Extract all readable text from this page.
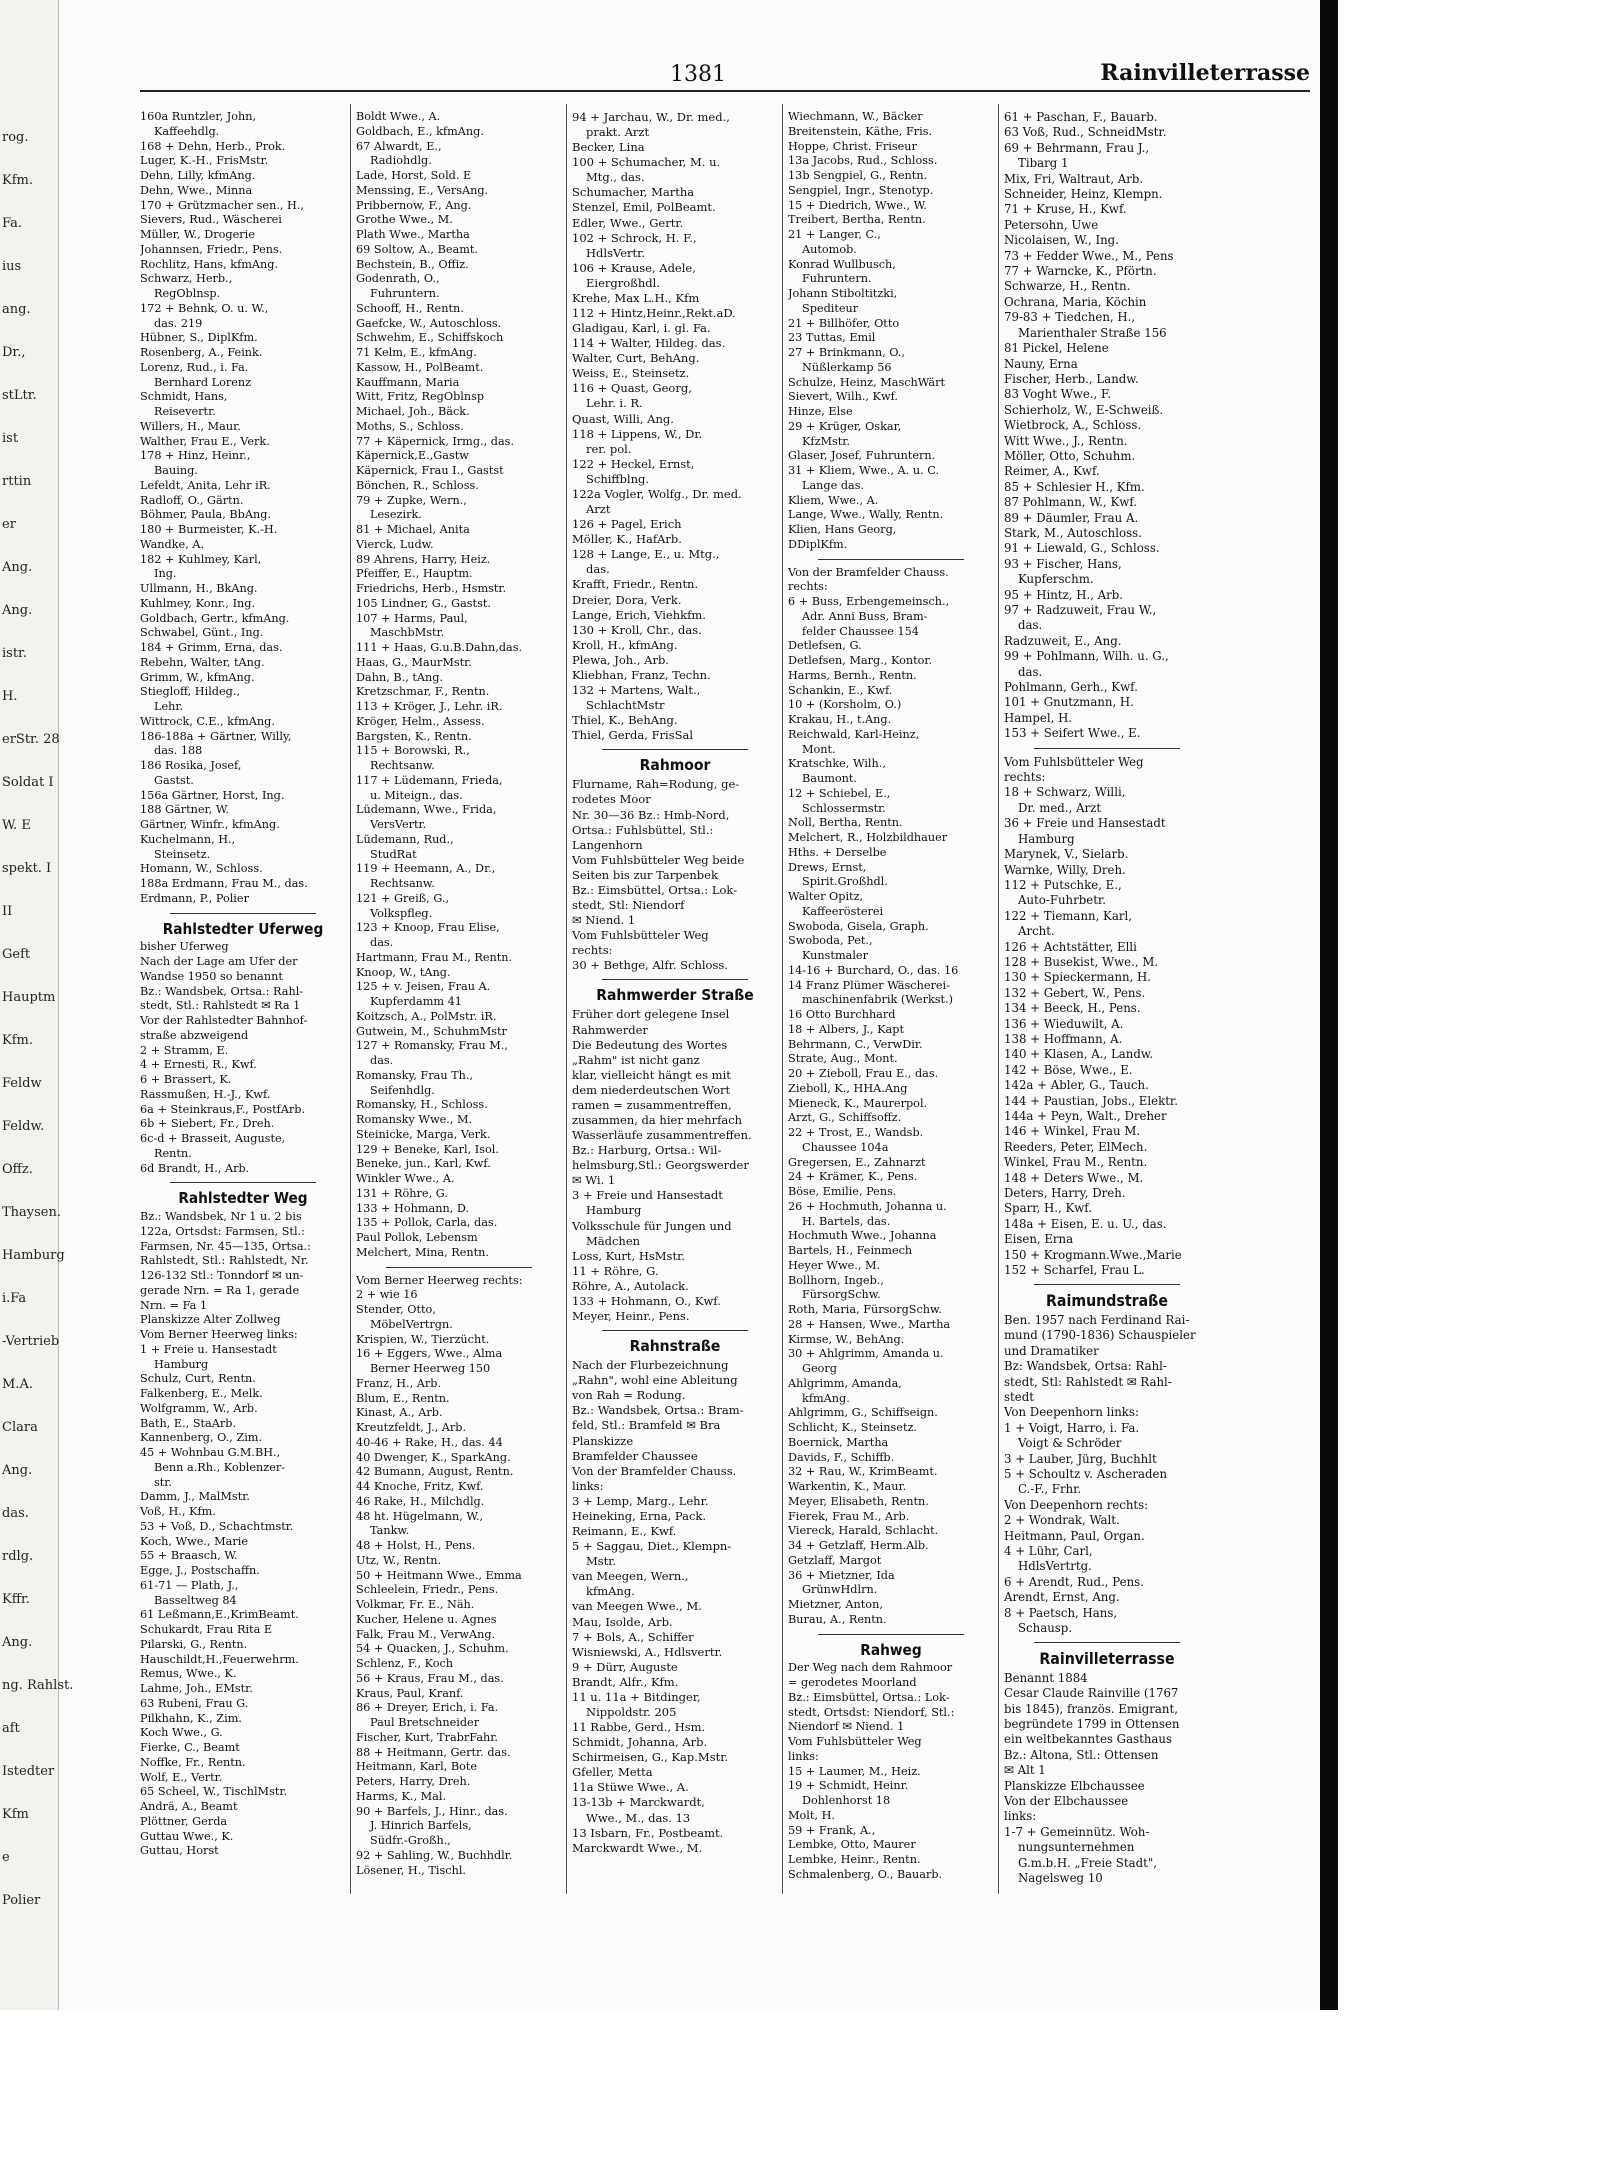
rog.
Kfm.
Fa.
ius
ang.
Dr.,
stLtr.
ist
rttin
er
Ang.
Ang.
istr.
H.
erStr. 28
Soldat I
W. E
spekt. I
II
Geft
Hauptm
Kfm.
Feldw
Feldw.
Offz.
Thaysen.
Hamburg
i.Fa
-Vertrieb
M.A.
Clara
Ang.
das.
rdlg.
Kffr.
Ang.
ng. Rahlst.
aft
Istedter
Kfm
e
Polier
1381	Rainvilleterrasse
160a Runtzler, John,
Kaffeehdlg.
168 + Dehn, Herb., Prok.
Luger, K.-H., FrisMstr.
Dehn, Lilly, kfmAng.
Dehn, Wwe., Minna
170 + Grützmacher sen., H.,
Sievers, Rud., Wäscherei
Müller, W., Drogerie
Johannsen, Friedr., Pens.
Rochlitz, Hans, kfmAng.
Schwarz, Herb.,
RegOblnsp.
172 + Behnk, O. u. W.,
das. 219
Hübner, S., DiplKfm.
Rosenberg, A., Feink.
Lorenz, Rud., i. Fa.
Bernhard Lorenz
Schmidt, Hans,
Reisevertr.
Willers, H., Maur.
Walther, Frau E., Verk.
178 + Hinz, Heinr.,
Bauing.
Lefeldt, Anita, Lehr iR.
Radloff, O., Gärtn.
Böhmer, Paula, BbAng.
180 + Burmeister, K.-H.
Wandke, A.
182 + Kuhlmey, Karl,
Ing.
Ullmann, H., BkAng.
Kuhlmey, Konr., Ing.
Goldbach, Gertr., kfmAng.
Schwabel, Günt., Ing.
184 + Grimm, Erna, das.
Rebehn, Walter, tAng.
Grimm, W., kfmAng.
Stiegloff, Hildeg.,
Lehr.
Wittrock, C.E., kfmAng.
186-188a + Gärtner, Willy,
das. 188
186 Rosika, Josef,
Gastst.
156a Gärtner, Horst, Ing.
188 Gärtner, W.
Gärtner, Winfr., kfmAng.
Kuchelmann, H.,
Steinsetz.
Homann, W., Schloss.
188a Erdmann, Frau M., das.
Erdmann, P., Polier
Rahlstedter Uferweg
bisher Uferweg
Nach der Lage am Ufer der
Wandse 1950 so benannt
Bz.: Wandsbek, Ortsa.: Rahl-
stedt, Stl.: Rahlstedt ✉ Ra 1
Vor der Rahlstedter Bahnhof-
straße abzweigend
2 + Stramm, E.
4 + Ernesti, R., Kwf.
6 + Brassert, K.
Rassmußen, H.-J., Kwf.
6a + Steinkraus,F., PostfArb.
6b + Siebert, Fr., Dreh.
6c-d + Brasseit, Auguste,
Rentn.
6d Brandt, H., Arb.
Rahlstedter Weg
Bz.: Wandsbek, Nr 1 u. 2 bis
122a, Ortsdst: Farmsen, Stl.:
Farmsen, Nr. 45—135, Ortsa.:
Rahlstedt, Stl.: Rahlstedt, Nr.
126-132 Stl.: Tonndorf ✉ un-
gerade Nrn. = Ra 1, gerade
Nrn. = Fa 1
Planskizze Alter Zollweg
Vom Berner Heerweg links:
1 + Freie u. Hansestadt
Hamburg
Schulz, Curt, Rentn.
Falkenberg, E., Melk.
Wolfgramm, W., Arb.
Bath, E., StaArb.
Kannenberg, O., Zim.
45 + Wohnbau G.M.BH.,
Benn a.Rh., Koblenzer-
str.
Damm, J., MalMstr.
Voß, H., Kfm.
53 + Voß, D., Schachtmstr.
Koch, Wwe., Marie
55 + Braasch, W.
Egge, J., Postschaffn.
61-71 — Plath, J.,
Basseltweg 84
61 Leßmann,E.,KrimBeamt.
Schukardt, Frau Rita E
Pilarski, G., Rentn.
Hauschildt,H.,Feuerwehrm.
Remus, Wwe., K.
Lahme, Joh., EMstr.
63 Rubeni, Frau G.
Pilkhahn, K., Zim.
Koch Wwe., G.
Fierke, C., Beamt
Noffke, Fr., Rentn.
Wolf, E., Vertr.
65 Scheel, W., TischlMstr.
Andrä, A., Beamt
Plöttner, Gerda
Guttau Wwe., K.
Guttau, Horst
Boldt Wwe., A.
Goldbach, E., kfmAng.
67 Alwardt, E.,
Radiohdlg.
Lade, Horst, Sold. E
Menssing, E., VersAng.
Pribbernow, F., Ang.
Grothe Wwe., M.
Plath Wwe., Martha
69 Soltow, A., Beamt.
Bechstein, B., Offiz.
Godenrath, O.,
Fuhruntern.
Schooff, H., Rentn.
Gaefcke, W., Autoschloss.
Schwehm, E., Schiffskoch
71 Kelm, E., kfmAng.
Kassow, H., PolBeamt.
Kauffmann, Maria
Witt, Fritz, RegOblnsp
Michael, Joh., Bäck.
Moths, S., Schloss.
77 + Käpernick, Irmg., das.
Käpernick,E.,Gastw
Käpernick, Frau I., Gastst
Bönchen, R., Schloss.
79 + Zupke, Wern.,
Lesezirk.
81 + Michael, Anita
Vierck, Ludw.
89 Ahrens, Harry, Heiz.
Pfeiffer, E., Hauptm.
Friedrichs, Herb., Hsmstr.
105 Lindner, G., Gastst.
107 + Harms, Paul,
MaschbMstr.
111 + Haas, G.u.B.Dahn,das.
Haas, G., MaurMstr.
Dahn, B., tAng.
Kretzschmar, F., Rentn.
113 + Kröger, J., Lehr. iR.
Kröger, Helm., Assess.
Bargsten, K., Rentn.
115 + Borowski, R.,
Rechtsanw.
117 + Lüdemann, Frieda,
u. Miteign., das.
Lüdemann, Wwe., Frida,
VersVertr.
Lüdemann, Rud.,
StudRat
119 + Heemann, A., Dr.,
Rechtsanw.
121 + Greiß, G.,
Volkspfleg.
123 + Knoop, Frau Elise,
das.
Hartmann, Frau M., Rentn.
Knoop, W., tAng.
125 + v. Jeisen, Frau A.
Kupferdamm 41
Koitzsch, A., PolMstr. iR.
Gutwein, M., SchuhmMstr
127 + Romansky, Frau M.,
das.
Romansky, Frau Th.,
Seifenhdlg.
Romansky, H., Schloss.
Romansky Wwe., M.
Steinicke, Marga, Verk.
129 + Beneke, Karl, Isol.
Beneke, jun., Karl, Kwf.
Winkler Wwe., A.
131 + Röhre, G.
133 + Hohmann, D.
135 + Pollok, Carla, das.
Paul Pollok, Lebensm
Melchert, Mina, Rentn.
Vom Berner Heerweg rechts:
2 + wie 16
Stender, Otto,
MöbelVertrgn.
Krispien, W., Tierzücht.
16 + Eggers, Wwe., Alma
Berner Heerweg 150
Franz, H., Arb.
Blum, E., Rentn.
Kinast, A., Arb.
Kreutzfeldt, J., Arb.
40-46 + Rake, H., das. 44
40 Dwenger, K., SparkAng.
42 Bumann, August, Rentn.
44 Knoche, Fritz, Kwf.
46 Rake, H., Milchdlg.
48 ht. Hügelmann, W.,
Tankw.
48 + Holst, H., Pens.
Utz, W., Rentn.
50 + Heitmann Wwe., Emma
Schleelein, Friedr., Pens.
Volkmar, Fr. E., Näh.
Kucher, Helene u. Agnes
Falk, Frau M., VerwAng.
54 + Quacken, J., Schuhm.
Schlenz, F., Koch
56 + Kraus, Frau M., das.
Kraus, Paul, Kranf.
86 + Dreyer, Erich, i. Fa.
Paul Bretschneider
Fischer, Kurt, TrabrFahr.
88 + Heitmann, Gertr. das.
Heitmann, Karl, Bote
Peters, Harry, Dreh.
Harms, K., Mal.
90 + Barfels, J., Hinr., das.
J. Hinrich Barfels,
Südfr.-Großh.,
92 + Sahling, W., Buchhdlr.
Lösener, H., Tischl.
94 + Jarchau, W., Dr. med.,
prakt. Arzt
Becker, Lina
100 + Schumacher, M. u.
Mtg., das.
Schumacher, Martha
Stenzel, Emil, PolBeamt.
Edler, Wwe., Gertr.
102 + Schrock, H. F.,
HdlsVertr.
106 + Krause, Adele,
Eiergroßhdl.
Krehe, Max L.H., Kfm
112 + Hintz,Heinr.,Rekt.aD.
Gladigau, Karl, i. gl. Fa.
114 + Walter, Hildeg. das.
Walter, Curt, BehAng.
Weiss, E., Steinsetz.
116 + Quast, Georg,
Lehr. i. R.
Quast, Willi, Ang.
118 + Lippens, W., Dr.
rer. pol.
122 + Heckel, Ernst,
Schiffblng.
122a Vogler, Wolfg., Dr. med.
Arzt
126 + Pagel, Erich
Möller, K., HafArb.
128 + Lange, E., u. Mtg.,
das.
Krafft, Friedr., Rentn.
Dreier, Dora, Verk.
Lange, Erich, Viehkfm.
130 + Kroll, Chr., das.
Kroll, H., kfmAng.
Plewa, Joh., Arb.
Kliebhan, Franz, Techn.
132 + Martens, Walt.,
SchlachtMstr
Thiel, K., BehAng.
Thiel, Gerda, FrisSal
Rahmoor
Flurname, Rah=Rodung, ge-
rodetes Moor
Nr. 30—36 Bz.: Hmb-Nord,
Ortsa.: Fuhlsbüttel, Stl.:
Langenhorn
Vom Fuhlsbütteler Weg beide
Seiten bis zur Tarpenbek
Bz.: Eimsbüttel, Ortsa.: Lok-
stedt, Stl: Niendorf
✉ Niend. 1
Vom Fuhlsbütteler Weg
rechts:
30 + Bethge, Alfr. Schloss.
Rahmwerder Straße
Früher dort gelegene Insel
Rahmwerder
Die Bedeutung des Wortes
„Rahm" ist nicht ganz
klar, vielleicht hängt es mit
dem niederdeutschen Wort
ramen = zusammentreffen,
zusammen, da hier mehrfach
Wasserläufe zusammentreffen.
Bz.: Harburg, Ortsa.: Wil-
helmsburg,Stl.: Georgswerder
✉ Wi. 1
3 + Freie und Hansestadt
Hamburg
Volksschule für Jungen und
Mädchen
Loss, Kurt, HsMstr.
11 + Röhre, G.
Röhre, A., Autolack.
133 + Hohmann, O., Kwf.
Meyer, Heinr., Pens.
Rahnstraße
Nach der Flurbezeichnung
„Rahn", wohl eine Ableitung
von Rah = Rodung.
Bz.: Wandsbek, Ortsa.: Bram-
feld, Stl.: Bramfeld ✉ Bra
Planskizze
Bramfelder Chaussee
Von der Bramfelder Chauss.
links:
3 + Lemp, Marg., Lehr.
Heineking, Erna, Pack.
Reimann, E., Kwf.
5 + Saggau, Diet., Klempn-
Mstr.
van Meegen, Wern.,
kfmAng.
van Meegen Wwe., M.
Mau, Isolde, Arb.
7 + Bols, A., Schiffer
Wisniewski, A., Hdlsvertr.
9 + Dürr, Auguste
Brandt, Alfr., Kfm.
11 u. 11a + Bitdinger,
Nippoldstr. 205
11 Rabbe, Gerd., Hsm.
Schmidt, Johanna, Arb.
Schirmeisen, G., Kap.Mstr.
Gfeller, Metta
11a Stüwe Wwe., A.
13-13b + Marckwardt,
Wwe., M., das. 13
13 Isbarn, Fr., Postbeamt.
Marckwardt Wwe., M.
Wiechmann, W., Bäcker
Breitenstein, Käthe, Fris.
Hoppe, Christ. Friseur
13a Jacobs, Rud., Schloss.
13b Sengpiel, G., Rentn.
Sengpiel, Ingr., Stenotyp.
15 + Diedrich, Wwe., W.
Treibert, Bertha, Rentn.
21 + Langer, C.,
Automob.
Konrad Wullbusch,
Fuhruntern.
Johann Stiboltitzki,
Spediteur
21 + Billhöfer, Otto
23 Tuttas, Emil
27 + Brinkmann, O.,
Nüßlerkamp 56
Schulze, Heinz, MaschWärt
Sievert, Wilh., Kwf.
Hinze, Else
29 + Krüger, Oskar,
KfzMstr.
Glaser, Josef, Fuhruntern.
31 + Kliem, Wwe., A. u. C.
Lange das.
Kliem, Wwe., A.
Lange, Wwe., Wally, Rentn.
Klien, Hans Georg,
DDiplKfm.
Von der Bramfelder Chauss.
rechts:
6 + Buss, Erbengemeinsch.,
Adr. Anni Buss, Bram-
felder Chaussee 154
Detlefsen, G.
Detlefsen, Marg., Kontor.
Harms, Bernh., Rentn.
Schankin, E., Kwf.
10 + (Korsholm, O.)
Krakau, H., t.Ang.
Reichwald, Karl-Heinz,
Mont.
Kratschke, Wilh.,
Baumont.
12 + Schiebel, E.,
Schlossermstr.
Noll, Bertha, Rentn.
Melchert, R., Holzbildhauer
Hths. + Derselbe
Drews, Ernst,
Spirit.Großhdl.
Walter Opitz,
Kaffeerösterei
Swoboda, Gisela, Graph.
Swoboda, Pet.,
Kunstmaler
14-16 + Burchard, O., das. 16
14 Franz Plümer Wäscherei-
maschinenfabrik (Werkst.)
16 Otto Burchhard
18 + Albers, J., Kapt
Behrmann, C., VerwDir.
Strate, Aug., Mont.
20 + Zieboll, Frau E., das.
Zieboll, K., HHA.Ang
Mieneck, K., Maurerpol.
Arzt, G., Schiffsoffz.
22 + Trost, E., Wandsb.
Chaussee 104a
Gregersen, E., Zahnarzt
24 + Krämer, K., Pens.
Böse, Emilie, Pens.
26 + Hochmuth, Johanna u.
H. Bartels, das.
Hochmuth Wwe., Johanna
Bartels, H., Feinmech
Heyer Wwe., M.
Bollhorn, Ingeb.,
FürsorgSchw.
Roth, Maria, FürsorgSchw.
28 + Hansen, Wwe., Martha
Kirmse, W., BehAng.
30 + Ahlgrimm, Amanda u.
Georg
Ahlgrimm, Amanda,
kfmAng.
Ahlgrimm, G., Schiffseign.
Schlicht, K., Steinsetz.
Boernick, Martha
Davids, F., Schiffb.
32 + Rau, W., KrimBeamt.
Warkentin, K., Maur.
Meyer, Elisabeth, Rentn.
Fierek, Frau M., Arb.
Viereck, Harald, Schlacht.
34 + Getzlaff, Herm.Alb.
Getzlaff, Margot
36 + Mietzner, Ida
GrünwHdlrn.
Mietzner, Anton,
Burau, A., Rentn.
Rahweg
Der Weg nach dem Rahmoor
= gerodetes Moorland
Bz.: Eimsbüttel, Ortsa.: Lok-
stedt, Ortsdst: Niendorf, Stl.:
Niendorf ✉ Niend. 1
Vom Fuhlsbütteler Weg
links:
15 + Laumer, M., Heiz.
19 + Schmidt, Heinr.
Dohlenhorst 18
Molt, H.
59 + Frank, A.,
Lembke, Otto, Maurer
Lembke, Heinr., Rentn.
Schmalenberg, O., Bauarb.
61 + Paschan, F., Bauarb.
63 Voß, Rud., SchneidMstr.
69 + Behrmann, Frau J.,
Tibarg 1
Mix, Fri, Waltraut, Arb.
Schneider, Heinz, Klempn.
71 + Kruse, H., Kwf.
Petersohn, Uwe
Nicolaisen, W., Ing.
73 + Fedder Wwe., M., Pens
77 + Warncke, K., Pförtn.
Schwarze, H., Rentn.
Ochrana, Maria, Köchin
79-83 + Tiedchen, H.,
Marienthaler Straße 156
81 Pickel, Helene
Nauny, Erna
Fischer, Herb., Landw.
83 Voght Wwe., F.
Schierholz, W., E-Schweiß.
Wietbrock, A., Schloss.
Witt Wwe., J., Rentn.
Möller, Otto, Schuhm.
Reimer, A., Kwf.
85 + Schlesier H., Kfm.
87 Pohlmann, W., Kwf.
89 + Däumler, Frau A.
Stark, M., Autoschloss.
91 + Liewald, G., Schloss.
93 + Fischer, Hans,
Kupferschm.
95 + Hintz, H., Arb.
97 + Radzuweit, Frau W.,
das.
Radzuweit, E., Ang.
99 + Pohlmann, Wilh. u. G.,
das.
Pohlmann, Gerh., Kwf.
101 + Gnutzmann, H.
Hampel, H.
153 + Seifert Wwe., E.
Vom Fuhlsbütteler Weg
rechts:
18 + Schwarz, Willi,
Dr. med., Arzt
36 + Freie und Hansestadt
Hamburg
Marynek, V., Sielarb.
Warnke, Willy, Dreh.
112 + Putschke, E.,
Auto-Fuhrbetr.
122 + Tiemann, Karl,
Archt.
126 + Achtstätter, Elli
128 + Busekist, Wwe., M.
130 + Spieckermann, H.
132 + Gebert, W., Pens.
134 + Beeck, H., Pens.
136 + Wieduwilt, A.
138 + Hoffmann, A.
140 + Klasen, A., Landw.
142 + Böse, Wwe., E.
142a + Abler, G., Tauch.
144 + Paustian, Jobs., Elektr.
144a + Peyn, Walt., Dreher
146 + Winkel, Frau M.
Reeders, Peter, ElMech.
Winkel, Frau M., Rentn.
148 + Deters Wwe., M.
Deters, Harry, Dreh.
Sparr, H., Kwf.
148a + Eisen, E. u. U., das.
Eisen, Erna
150 + Krogmann.Wwe.,Marie
152 + Scharfel, Frau L.
Raimundstraße
Ben. 1957 nach Ferdinand Rai-
mund (1790-1836) Schauspieler
und Dramatiker
Bz: Wandsbek, Ortsa: Rahl-
stedt, Stl: Rahlstedt ✉ Rahl-
stedt
Von Deepenhorn links:
1 + Voigt, Harro, i. Fa.
Voigt & Schröder
3 + Lauber, Jürg, Buchhlt
5 + Schoultz v. Ascheraden
C.-F., Frhr.
Von Deepenhorn rechts:
2 + Wondrak, Walt.
Heitmann, Paul, Organ.
4 + Lühr, Carl,
HdlsVertrtg.
6 + Arendt, Rud., Pens.
Arendt, Ernst, Ang.
8 + Paetsch, Hans,
Schausp.
Rainvilleterrasse
Benannt 1884
Cesar Claude Rainville (1767
bis 1845), französ. Emigrant,
begründete 1799 in Ottensen
ein weltbekanntes Gasthaus
Bz.: Altona, Stl.: Ottensen
✉ Alt 1
Planskizze Elbchaussee
Von der Elbchaussee
links:
1-7 + Gemeinnütz. Woh-
nungsunternehmen
G.m.b.H. „Freie Stadt",
Nagelsweg 10
